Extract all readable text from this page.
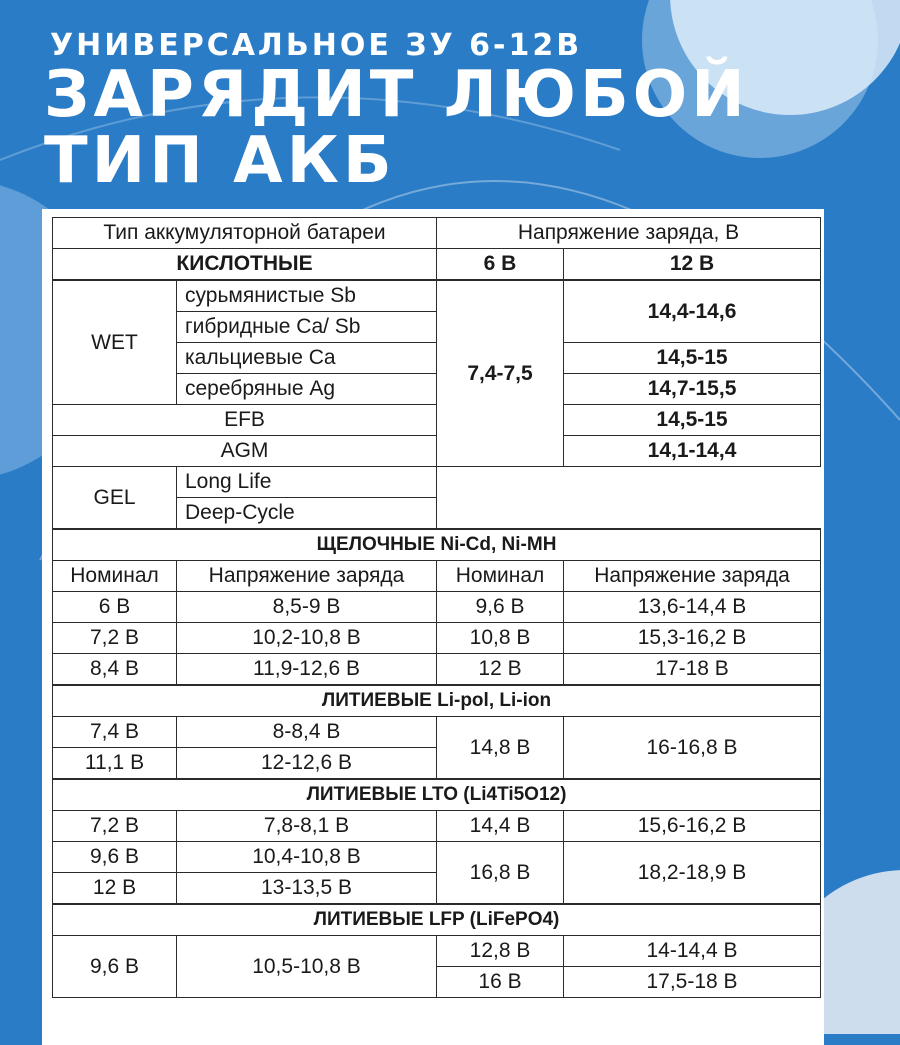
УНИВЕРСАЛЬНОЕ ЗУ 6-12В
ЗАРЯДИТ ЛЮБОЙ
ТИП АКБ
Тип аккумуляторной батареи		Напряжение заряда, В	
КИСЛОТНЫЕ		6 В	12 В
WET	сурьмянистые Sb	7,4-7,5	14,4-14,6
	гибридные Ca/ Sb		
	кальциевые Ca		14,5-15
	серебряные Ag		14,7-15,5
EFB			14,5-15
AGM			14,1-14,4
GEL	Long Life	
	Deep-Cycle		
ЩЕЛОЧНЫЕ Ni-Cd, Ni-MH			
Номинал	Напряжение заряда	Номинал	Напряжение заряда
6 В	8,5-9 В	9,6 В	13,6-14,4 В
7,2 В	10,2-10,8 В	10,8 В	15,3-16,2 В
8,4 В	11,9-12,6 В	12 В	17-18 В
ЛИТИЕВЫЕ Li-pol, Li-ion			
7,4 В	8-8,4 В	14,8 В	16-16,8 В
11,1 В	12-12,6 В		
ЛИТИЕВЫЕ LTO (Li4Ti5O12)			
7,2 В	7,8-8,1 В	14,4 В	15,6-16,2 В
9,6 В	10,4-10,8 В	16,8 В	18,2-18,9 В
12 В	13-13,5 В		
ЛИТИЕВЫЕ LFP (LiFePO4)			
9,6 В	10,5-10,8 В	12,8 В	14-14,4 В
		16 В	17,5-18 В
